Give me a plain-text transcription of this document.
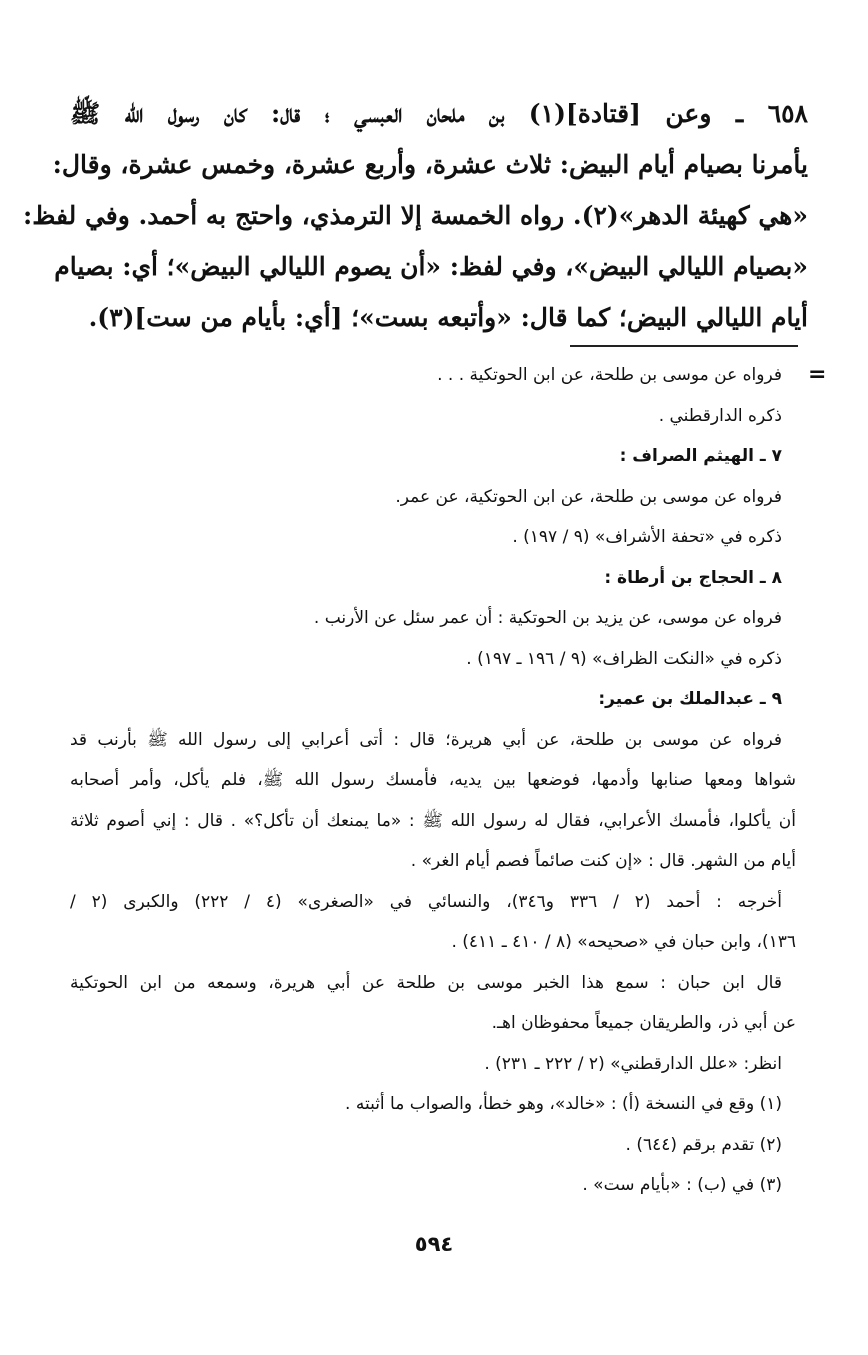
٦٥٨ ـ وعن [قتادة](١) بن ملحان العبسي ؛ قال: كان رسول الله ﷺ
يأمرنا بصيام أيام البيض: ثلاث عشرة، وأربع عشرة، وخمس عشرة، وقال:
«هي كهيئة الدهر»(٢). رواه الخمسة إلا الترمذي، واحتج به أحمد. وفي لفظ:
«بصيام الليالي البيض»، وفي لفظ: «أن يصوم الليالي البيض»؛ أي: بصيام
أيام الليالي البيض؛ كما قال: «وأتبعه بست»؛ [أي: بأيام من ست](٣).
=
فرواه عن موسى بن طلحة، عن ابن الحوتكية . . .
ذكره الدارقطني .
٧ ـ الهيثم الصراف :
فرواه عن موسى بن طلحة، عن ابن الحوتكية، عن عمر.
ذكره في «تحفة الأشراف» (٩ / ١٩٧) .
٨ ـ الحجاج بن أرطاة :
فرواه عن موسى، عن يزيد بن الحوتكية : أن عمر سئل عن الأرنب .
ذكره في «النكت الظراف» (٩ / ١٩٦ ـ ١٩٧) .
٩ ـ عبدالملك بن عمير:
فرواه عن موسى بن طلحة، عن أبي هريرة؛ قال : أتى أعرابي إلى رسول الله ﷺ بأرنب قد
شواها ومعها صنابها وأدمها، فوضعها بين يديه، فأمسك رسول الله ﷺ، فلم يأكل، وأمر أصحابه
أن يأكلوا، فأمسك الأعرابي، فقال له رسول الله ﷺ : «ما يمنعك أن تأكل؟» . قال : إني أصوم ثلاثة
أيام من الشهر. قال : «إن كنت صائماً فصم أيام الغر» .
أخرجه : أحمد (٢ / ٣٣٦ و٣٤٦)، والنسائي في «الصغرى» (٤ / ٢٢٢) والكبرى (٢ /
١٣٦)، وابن حبان في «صحيحه» (٨ / ٤١٠ ـ ٤١١) .
قال ابن حبان : سمع هذا الخبر موسى بن طلحة عن أبي هريرة، وسمعه من ابن الحوتكية
عن أبي ذر، والطريقان جميعاً محفوظان اهـ.
انظر: «علل الدارقطني» (٢ / ٢٢٢ ـ ٢٣١) .
(١) وقع في النسخة (أ) : «خالد»، وهو خطأ، والصواب ما أثبته .
(٢) تقدم برقم (٦٤٤) .
(٣) في (ب) : «بأيام ست» .
٥٩٤
